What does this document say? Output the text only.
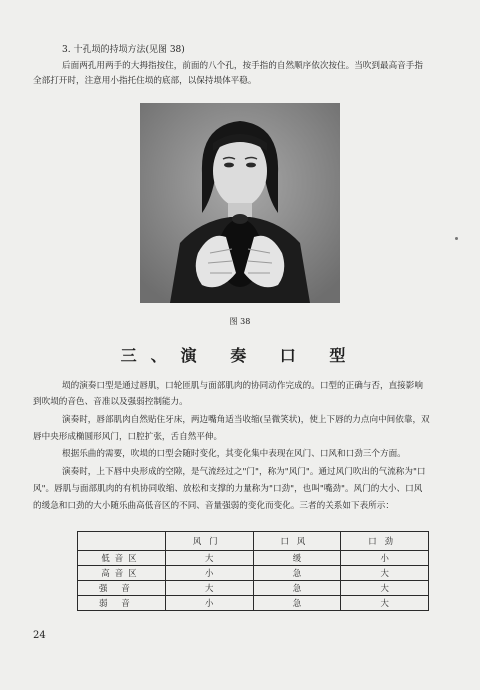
3. 十孔埙的持埙方法(见图 38)
后面两孔用两手的大拇指按住，前面的八个孔，按手指的自然顺序依次按住。当吹到最高音手指
全部打开时，注意用小指托住埙的底部，以保持埙体平稳。
图 38
三、演 奏 口 型
埙的演奏口型是通过唇肌，口轮匝肌与面部肌肉的协同动作完成的。口型的正确与否，直接影响
到吹埙的音色、音准以及强弱控制能力。
演奏时，唇部肌肉自然贴住牙床，两边嘴角适当收缩(呈微笑状)，使上下唇的力点向中间依靠，双
唇中央形成椭圆形风门，口腔扩张，舌自然平伸。
根据乐曲的需要，吹埙的口型会随时变化，其变化集中表现在风门、口风和口劲三个方面。
演奏时，上下唇中央形成的空隙，是气流经过之"门"，称为"风门"。通过风门吹出的气流称为"口
风"。唇肌与面部肌肉的有机协同收缩、放松和支撑的力量称为"口劲"，也叫"嘴劲"。风门的大小、口风
的缓急和口劲的大小随乐曲高低音区的不同、音量强弱的变化而变化。三者的关系如下表所示：
	风门	口风	口劲
低音区	大	缓	小
高音区	小	急	大
强音	大	急	大
弱音	小	急	大
24
